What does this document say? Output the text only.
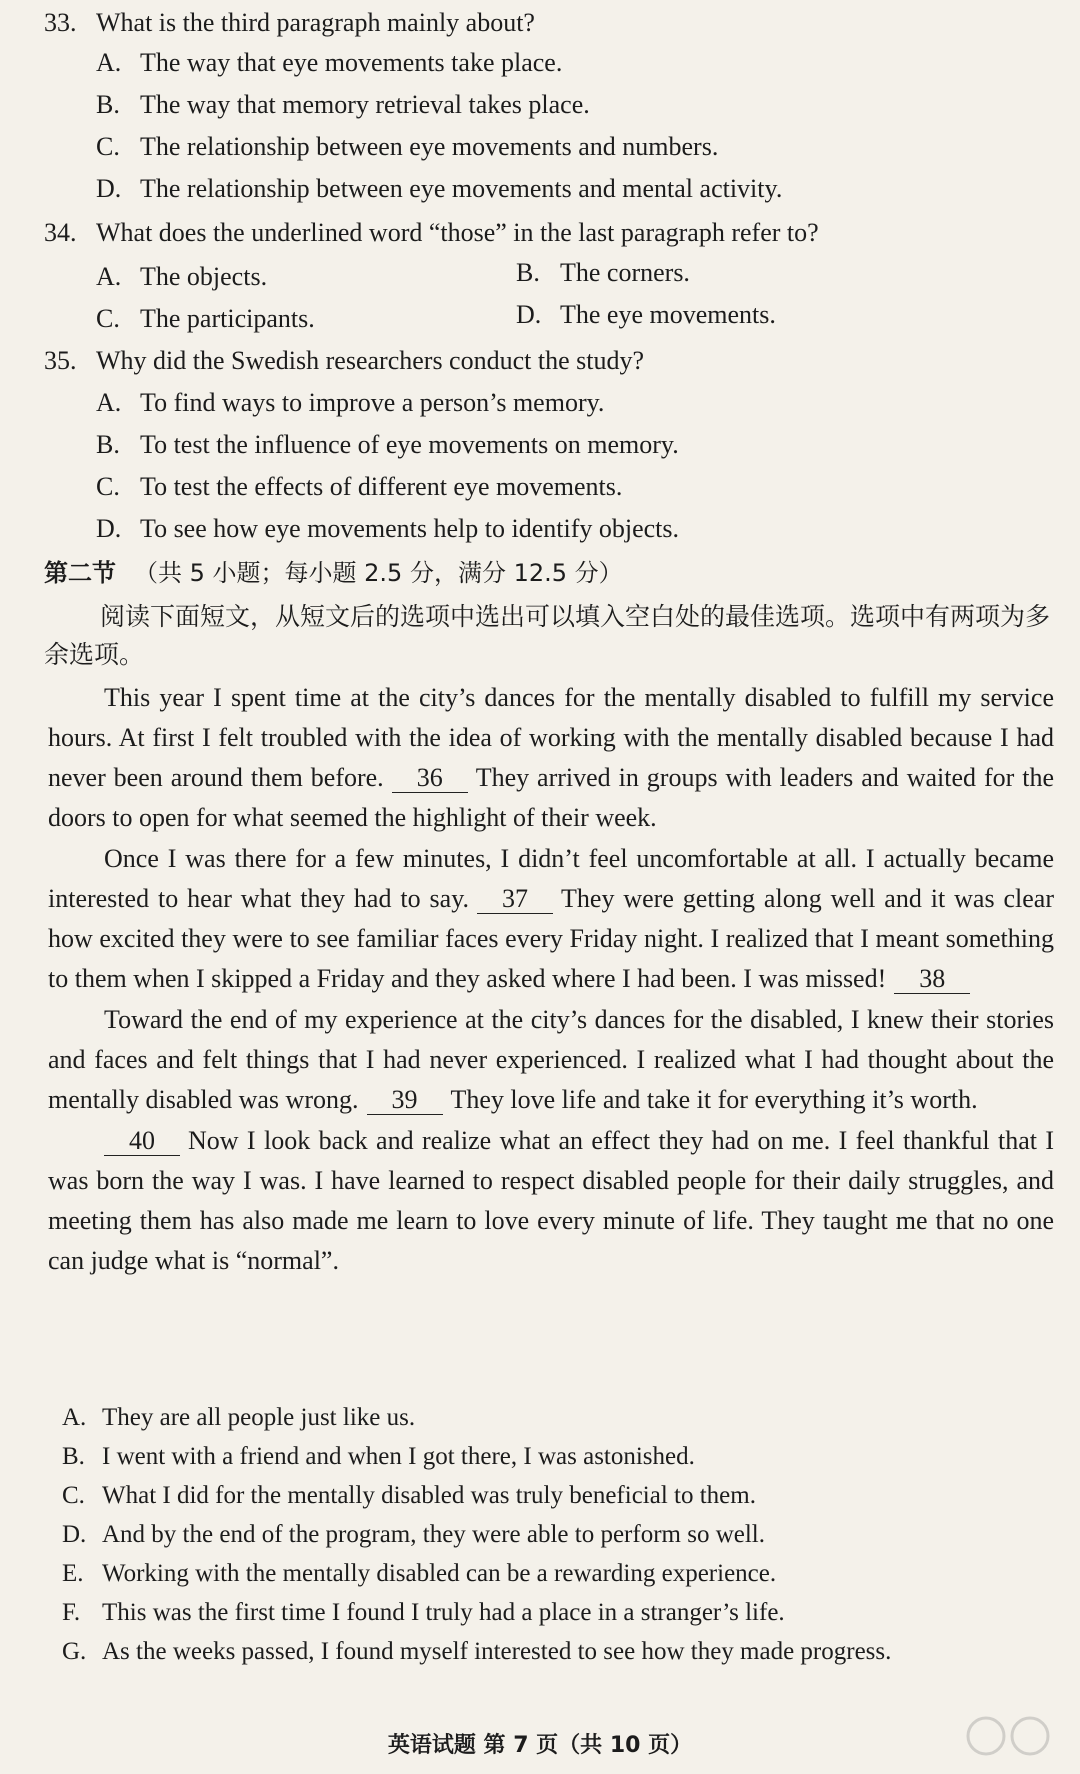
33. What is the third paragraph mainly about?
A. The way that eye movements take place.
B. The way that memory retrieval takes place.
C. The relationship between eye movements and numbers.
D. The relationship between eye movements and mental activity.
34. What does the underlined word “those” in the last paragraph refer to?
A. The objects.	B. The corners.
C. The participants.	D. The eye movements.
35. Why did the Swedish researchers conduct the study?
A. To find ways to improve a person’s memory.
B. To test the influence of eye movements on memory.
C. To test the effects of different eye movements.
D. To see how eye movements help to identify objects.
第二节 （共 5 小题；每小题 2.5 分，满分 12.5 分）
阅读下面短文，从短文后的选项中选出可以填入空白处的最佳选项。选项中有两项为多余选项。

This year I spent time at the city’s dances for the mentally disabled to fulfill my service hours. At first I felt troubled with the idea of working with the mentally disabled because I had never been around them before. 36 They arrived in groups with leaders and waited for the doors to open for what seemed the highlight of their week.

Once I was there for a few minutes, I didn’t feel uncomfortable at all. I actually became interested to hear what they had to say. 37 They were getting along well and it was clear how excited they were to see familiar faces every Friday night. I realized that I meant something to them when I skipped a Friday and they asked where I had been. I was missed! 38

Toward the end of my experience at the city’s dances for the disabled, I knew their stories and faces and felt things that I had never experienced. I realized what I had thought about the mentally disabled was wrong. 39 They love life and take it for everything it’s worth.

40 Now I look back and realize what an effect they had on me. I feel thankful that I was born the way I was. I have learned to respect disabled people for their daily struggles, and meeting them has also made me learn to love every minute of life. They taught me that no one can judge what is “normal”.

A. They are all people just like us.
B. I went with a friend and when I got there, I was astonished.
C. What I did for the mentally disabled was truly beneficial to them.
D. And by the end of the program, they were able to perform so well.
E. Working with the mentally disabled can be a rewarding experience.
F. This was the first time I found I truly had a place in a stranger’s life.
G. As the weeks passed, I found myself interested to see how they made progress.
英语试题 第 7 页（共 10 页）
